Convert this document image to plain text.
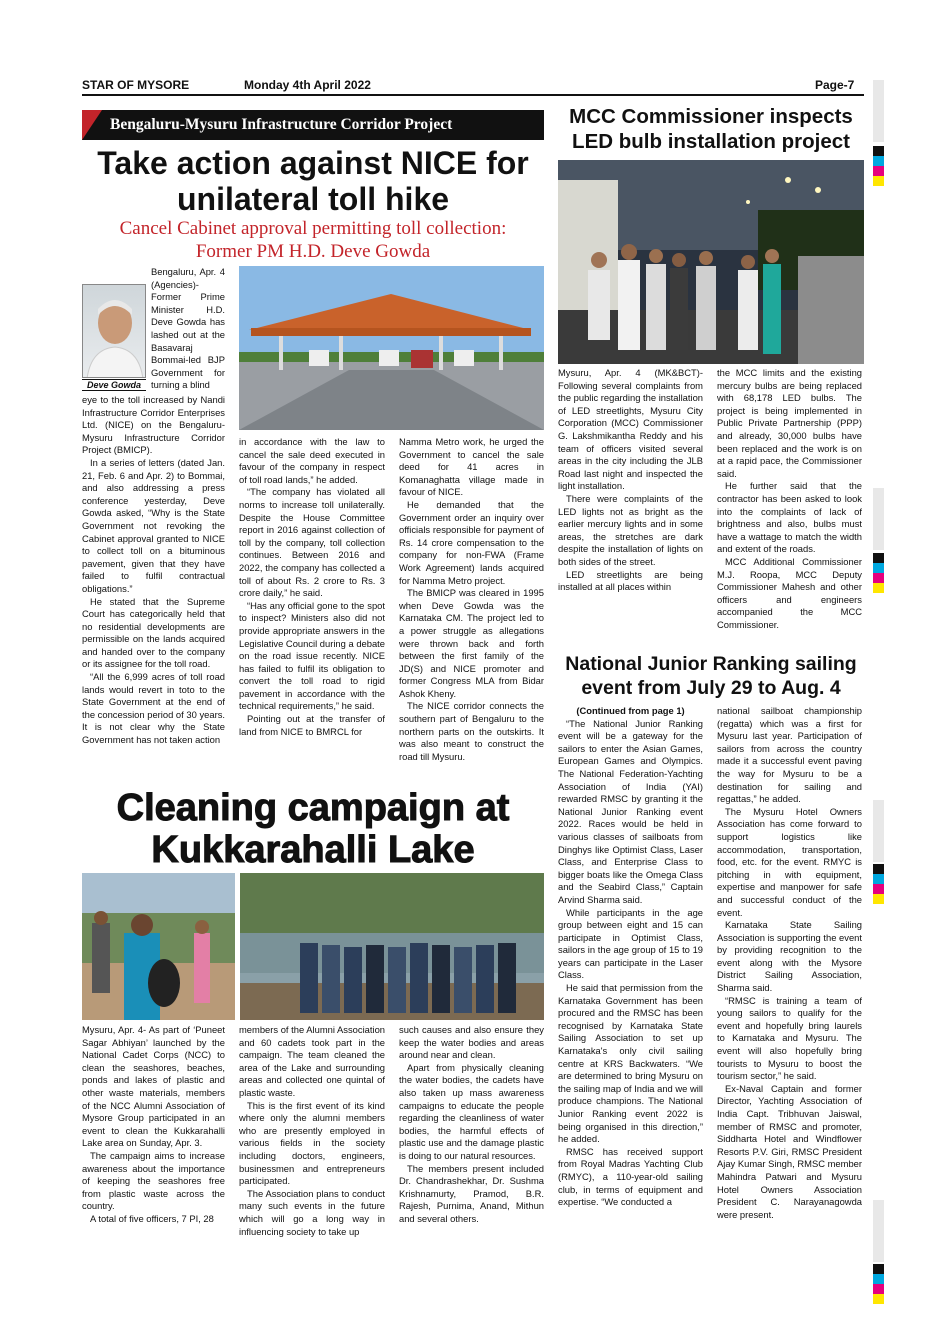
STAR OF MYSORE	Monday 4th April 2022	Page-7
Bengaluru-Mysuru Infrastructure Corridor Project
Take action against NICE for
unilateral toll hike
Cancel Cabinet approval permitting toll collection:
Former PM H.D. Deve Gowda
Deve Gowda

Bengaluru, Apr. 4 (Agencies)- Former Prime Minister H.D. Deve Gowda has lashed out at the Basavaraj Bommai-led BJP Government for turning a blind

eye to the toll increased by Nandi Infrastructure Corridor Enterprises Ltd. (NICE) on the Bengaluru-Mysuru Infrastructure Corridor Project (BMICP).

In a series of letters (dated Jan. 21, Feb. 6 and Apr. 2) to Bommai, and also addressing a press conference yesterday, Deve Gowda asked, “Why is the State Government not revoking the Cabinet approval granted to NICE to collect toll on a bituminous pavement, given that they have failed to fulfil contractual obligations.”

He stated that the Supreme Court has categorically held that no residential developments are permissible on the lands acquired and handed over to the company or its assignee for the toll road.

“All the 6,999 acres of toll road lands would revert in toto to the State Government at the end of the concession period of 30 years. It is not clear why the State Government has not taken action

in accordance with the law to cancel the sale deed executed in favour of the company in respect of toll road lands,” he added.

“The company has violated all norms to increase toll unilaterally. Despite the House Committee report in 2016 against collection of toll by the company, toll collection continues. Between 2016 and 2022, the company has collected a toll of about Rs. 2 crore to Rs. 3 crore daily,” he said.

“Has any official gone to the spot to inspect? Ministers also did not provide appropriate answers in the Legislative Council during a debate on the road issue recently. NICE has failed to fulfil its obligation to convert the toll road to rigid pavement in accordance with the technical requirements,” he said.

Pointing out at the transfer of land from NICE to BMRCL for

Namma Metro work, he urged the Government to cancel the sale deed for 41 acres in Komanaghatta village made in favour of NICE.

He demanded that the Government order an inquiry over officials responsible for payment of Rs. 14 crore compensation to the company for non-FWA (Frame Work Agreement) lands acquired for Namma Metro project.

The BMICP was cleared in 1995 when Deve Gowda was the Karnataka CM. The project led to a power struggle as allegations were thrown back and forth between the first family of the JD(S) and NICE promoter and former Congress MLA from Bidar Ashok Kheny.

The NICE corridor connects the southern part of Bengaluru to the northern parts on the outskirts. It was also meant to construct the road till Mysuru.

MCC Commissioner inspects
LED bulb installation project

Mysuru, Apr. 4 (MK&BCT)- Following several complaints from the public regarding the installation of LED streetlights, Mysuru City Corporation (MCC) Commissioner G. Lakshmikantha Reddy and his team of officers visited several areas in the city including the JLB Road last night and inspected the light installation.

There were complaints of the LED lights not as bright as the earlier mercury lights and in some areas, the stretches are dark despite the installation of lights on both sides of the street.

LED streetlights are being installed at all places within

the MCC limits and the existing mercury bulbs are being replaced with 68,178 LED bulbs. The project is being implemented in Public Private Partnership (PPP) and already, 30,000 bulbs have been replaced and the work is on at a rapid pace, the Commissioner said.

He further said that the contractor has been asked to look into the complaints of lack of brightness and also, bulbs must have a wattage to match the width and extent of the roads.

MCC Additional Commissioner M.J. Roopa, MCC Deputy Commissioner Mahesh and other officers and engineers accompanied the MCC Commissioner.

National Junior Ranking sailing
event from July 29 to Aug. 4

(Continued from page 1)

“The National Junior Ranking event will be a gateway for the sailors to enter the Asian Games, European Games and Olympics. The National Federation-Yachting Association of India (YAI) rewarded RMSC by granting it the National Junior Ranking event 2022. Races would be held in various classes of sailboats from Dinghys like Optimist Class, Laser Class, and Enterprise Class to bigger boats like the Omega Class and the Seabird Class,” Captain Arvind Sharma said.

While participants in the age group between eight and 15 can participate in Optimist Class, sailors in the age group of 15 to 19 years can participate in the Laser Class.

He said that permission from the Karnataka Government has been procured and the RMSC has been recognised by Karnataka State Sailing Association to set up Karnataka's only civil sailing centre at KRS Backwaters. “We are determined to bring Mysuru on the sailing map of India and we will produce champions. The National Junior Ranking event 2022 is being organised in this direction,” he added.

RMSC has received support from Royal Madras Yachting Club (RMYC), a 110-year-old sailing club, in terms of equipment and expertise. “We conducted a

national sailboat championship (regatta) which was a first for Mysuru last year. Participation of sailors from across the country made it a successful event paving the way for Mysuru to be a destination for sailing and regattas,” he added.

The Mysuru Hotel Owners Association has come forward to support logistics like accommodation, transportation, food, etc. for the event. RMYC is pitching in with equipment, expertise and manpower for safe and successful conduct of the event.

Karnataka State Sailing Association is supporting the event by providing recognition to the event along with the Mysore District Sailing Association, Sharma said.

“RMSC is training a team of young sailors to qualify for the event and hopefully bring laurels to Karnataka and Mysuru. The event will also hopefully bring tourists to Mysuru to boost the tourism sector,” he said.

Ex-Naval Captain and former Director, Yachting Association of India Capt. Tribhuvan Jaiswal, member of RMSC and promoter, Siddharta Hotel and Windflower Resorts P.V. Giri, RMSC President Ajay Kumar Singh, RMSC member Mahindra Patwari and Mysuru Hotel Owners Association President C. Narayanagowda were present.

Cleaning campaign at
Kukkarahalli Lake

Mysuru, Apr. 4- As part of ‘Puneet Sagar Abhiyan’ launched by the National Cadet Corps (NCC) to clean the seashores, beaches, ponds and lakes of plastic and other waste materials, members of the NCC Alumni Association of Mysore Group participated in an event to clean the Kukkarahalli Lake area on Sunday, Apr. 3.

The campaign aims to increase awareness about the importance of keeping the seashores free from plastic waste across the country.

A total of five officers, 7 PI, 28

members of the Alumni Association and 60 cadets took part in the campaign. The team cleaned the area of the Lake and surrounding areas and collected one quintal of plastic waste.

This is the first event of its kind where only the alumni members who are presently employed in various fields in the society including doctors, engineers, businessmen and entrepreneurs participated.

The Association plans to conduct many such events in the future which will go a long way in influencing society to take up

such causes and also ensure they keep the water bodies and areas around near and clean.

Apart from physically cleaning the water bodies, the cadets have also taken up mass awareness campaigns to educate the people regarding the cleanliness of water bodies, the harmful effects of plastic use and the damage plastic is doing to our natural resources.

The members present included Dr. Chandrashekhar, Dr. Sushma Krishnamurty, Pramod, B.R. Rajesh, Purnima, Anand, Mithun and several others.
